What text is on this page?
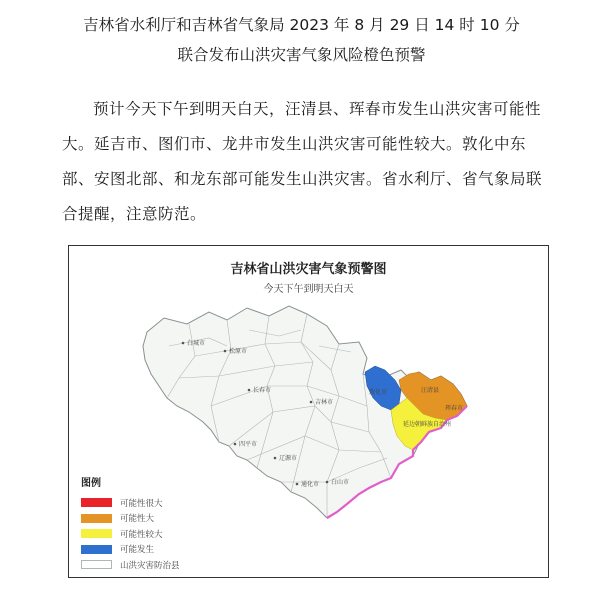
吉林省水利厅和吉林省气象局 2023 年 8 月 29 日 14 时 10 分
联合发布山洪灾害气象风险橙色预警
预计今天下午到明天白天，汪清县、珲春市发生山洪灾害可能性大。延吉市、图们市、龙井市发生山洪灾害可能性较大。敦化中东部、安图北部、和龙东部可能发生山洪灾害。省水利厅、省气象局联合提醒，注意防范。
吉林省山洪灾害气象预警图
今天下午到明天白天
白城市
松原市
长春市
吉林市
四平市
辽源市
通化市 白山市
敦化市	汪清县
珲春市
延边朝鲜族自治州
图例
可能性很大
可能性大
可能性较大
可能发生
山洪灾害防治县
